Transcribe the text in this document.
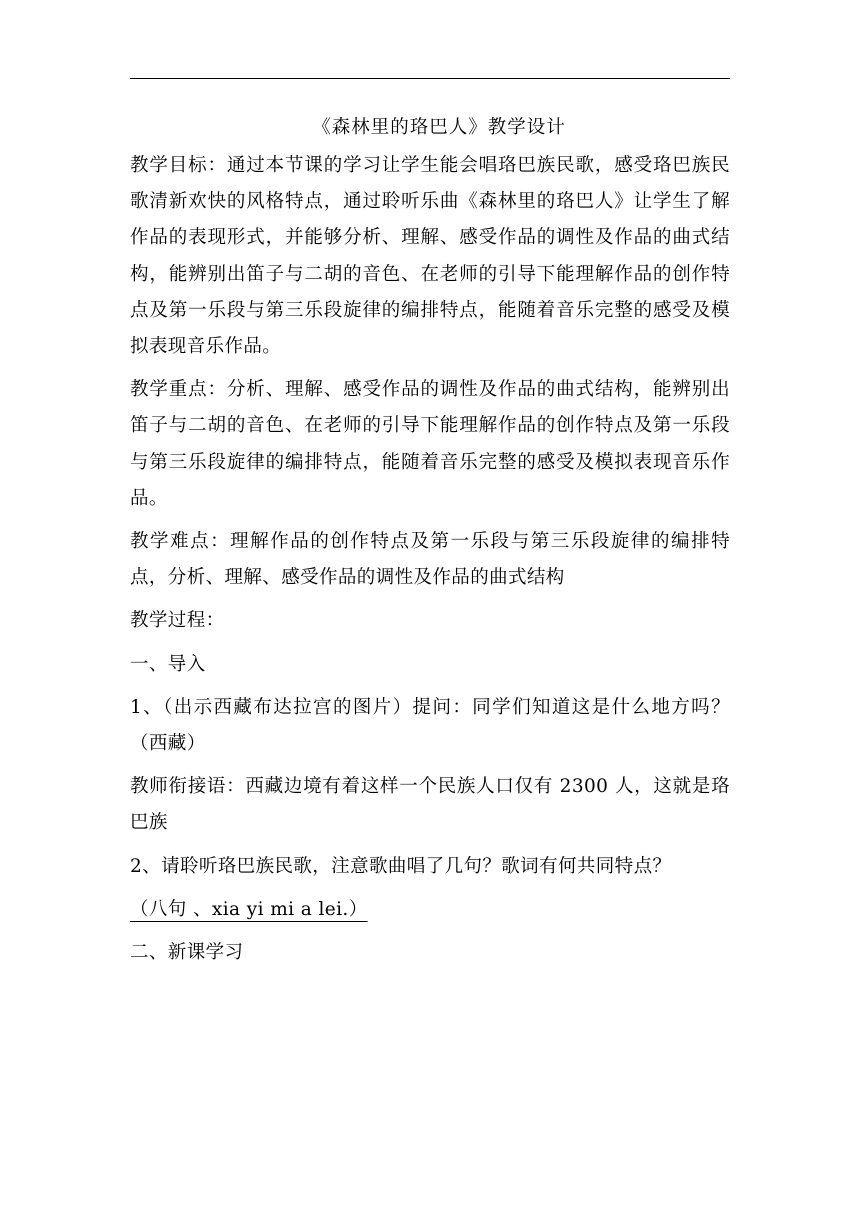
《森林里的珞巴人》教学设计

教学目标：通过本节课的学习让学生能会唱珞巴族民歌，感受珞巴族民歌清新欢快的风格特点，通过聆听乐曲《森林里的珞巴人》让学生了解作品的表现形式，并能够分析、理解、感受作品的调性及作品的曲式结构，能辨别出笛子与二胡的音色、在老师的引导下能理解作品的创作特点及第一乐段与第三乐段旋律的编排特点，能随着音乐完整的感受及模拟表现音乐作品。

教学重点：分析、理解、感受作品的调性及作品的曲式结构，能辨别出笛子与二胡的音色、在老师的引导下能理解作品的创作特点及第一乐段与第三乐段旋律的编排特点，能随着音乐完整的感受及模拟表现音乐作品。

教学难点：理解作品的创作特点及第一乐段与第三乐段旋律的编排特点，分析、理解、感受作品的调性及作品的曲式结构

教学过程：

一、导入

1、（出示西藏布达拉宫的图片）提问：同学们知道这是什么地方吗？（西藏）

教师衔接语：西藏边境有着这样一个民族人口仅有 2300 人，这就是珞巴族

2、请聆听珞巴族民歌，注意歌曲唱了几句？歌词有何共同特点？

（八句 、xia yi mi a lei.）

二、新课学习
